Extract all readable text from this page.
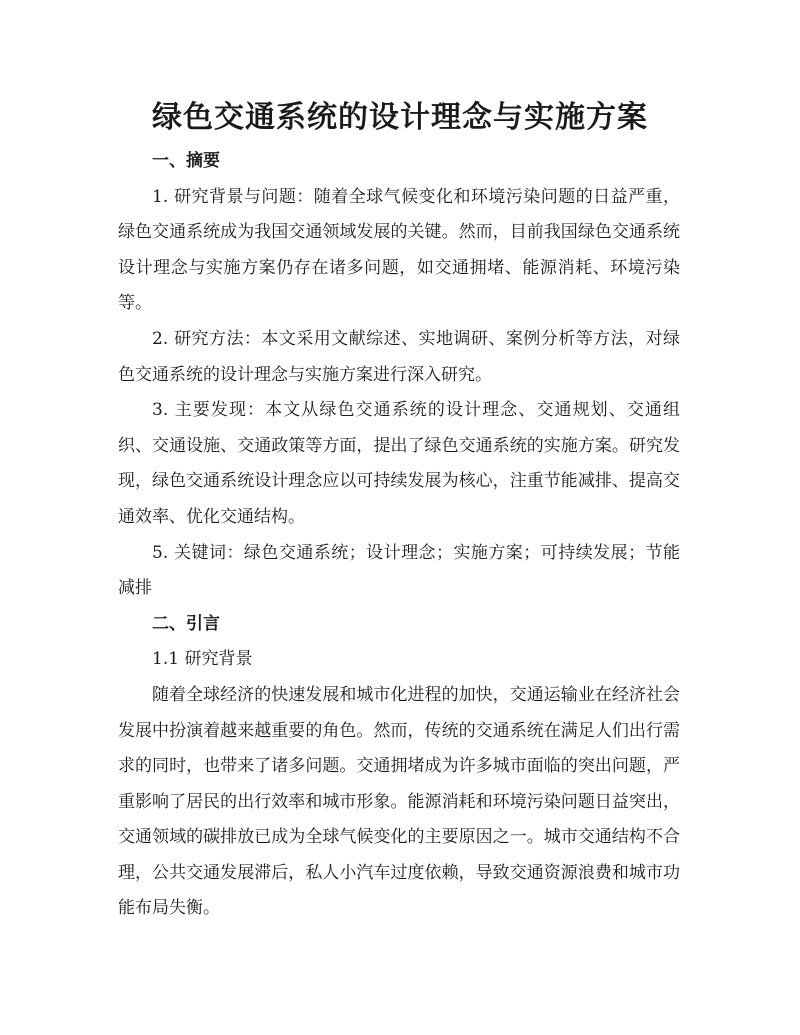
绿色交通系统的设计理念与实施方案
一、摘要

1. 研究背景与问题：随着全球气候变化和环境污染问题的日益严重，绿色交通系统成为我国交通领域发展的关键。然而，目前我国绿色交通系统设计理念与实施方案仍存在诸多问题，如交通拥堵、能源消耗、环境污染等。

2. 研究方法：本文采用文献综述、实地调研、案例分析等方法，对绿色交通系统的设计理念与实施方案进行深入研究。

3. 主要发现：本文从绿色交通系统的设计理念、交通规划、交通组织、交通设施、交通政策等方面，提出了绿色交通系统的实施方案。研究发现，绿色交通系统设计理念应以可持续发展为核心，注重节能减排、提高交通效率、优化交通结构。

5. 关键词：绿色交通系统；设计理念；实施方案；可持续发展；节能减排

二、引言

1.1 研究背景

随着全球经济的快速发展和城市化进程的加快，交通运输业在经济社会发展中扮演着越来越重要的角色。然而，传统的交通系统在满足人们出行需求的同时，也带来了诸多问题。交通拥堵成为许多城市面临的突出问题，严重影响了居民的出行效率和城市形象。能源消耗和环境污染问题日益突出，交通领域的碳排放已成为全球气候变化的主要原因之一。城市交通结构不合理，公共交通发展滞后，私人小汽车过度依赖，导致交通资源浪费和城市功能布局失衡。
